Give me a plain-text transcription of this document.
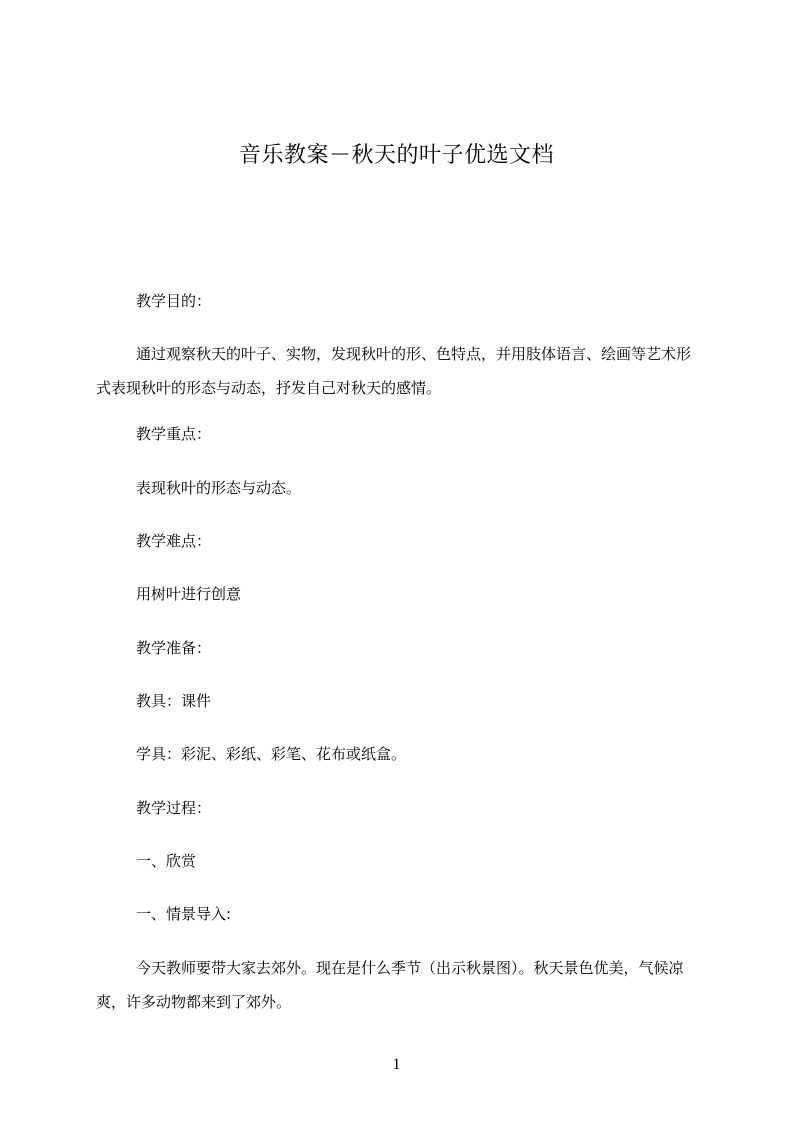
音乐教案－秋天的叶子优选文档
教学目的：
通过观察秋天的叶子、实物，发现秋叶的形、色特点，并用肢体语言、绘画等艺术形式表现秋叶的形态与动态，抒发自己对秋天的感情。
教学重点：
表现秋叶的形态与动态。
教学难点：
用树叶进行创意
教学准备：
教具：课件
学具：彩泥、彩纸、彩笔、花布或纸盒。
教学过程：
一、欣赏
一、情景导入:
今天教师要带大家去郊外。现在是什么季节（出示秋景图）。秋天景色优美，气候凉爽，许多动物都来到了郊外。
1
